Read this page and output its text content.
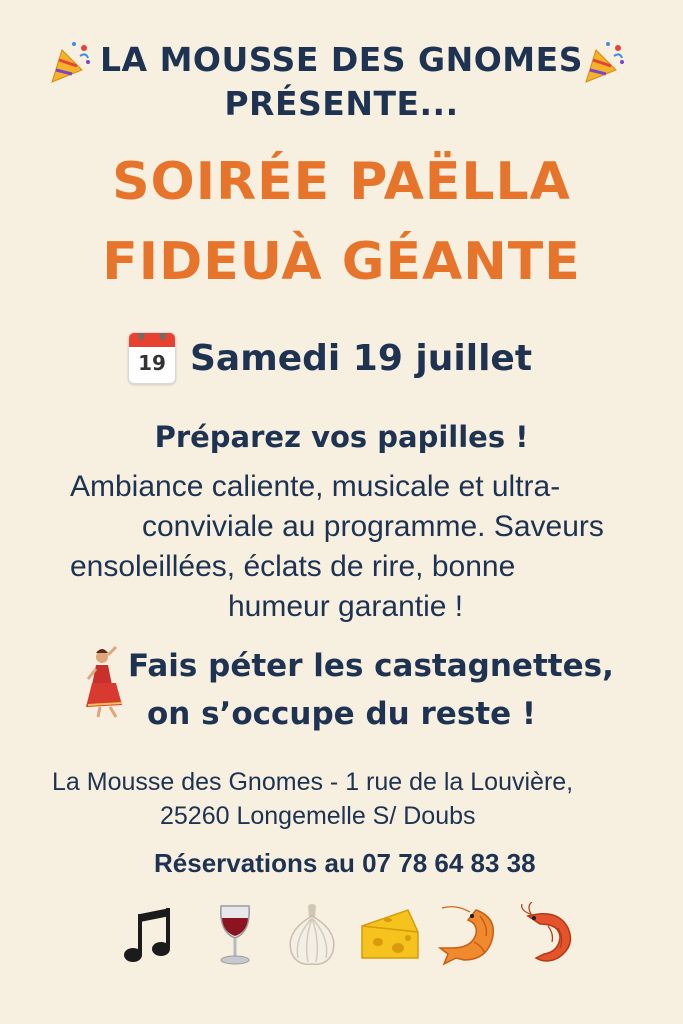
LA MOUSSE DES GNOMES
PRÉSENTE...
SOIRÉE PAËLLA
FIDEUÀ GÉANTE
19 Samedi 19 juillet
Préparez vos papilles !
Ambiance caliente, musicale et ultra-
conviviale au programme. Saveurs
ensoleillées, éclats de rire, bonne
humeur garantie !
Fais péter les castagnettes,
on s’occupe du reste !
La Mousse des Gnomes - 1 rue de la Louvière,
25260 Longemelle S/ Doubs
Réservations au 07 78 64 83 38
